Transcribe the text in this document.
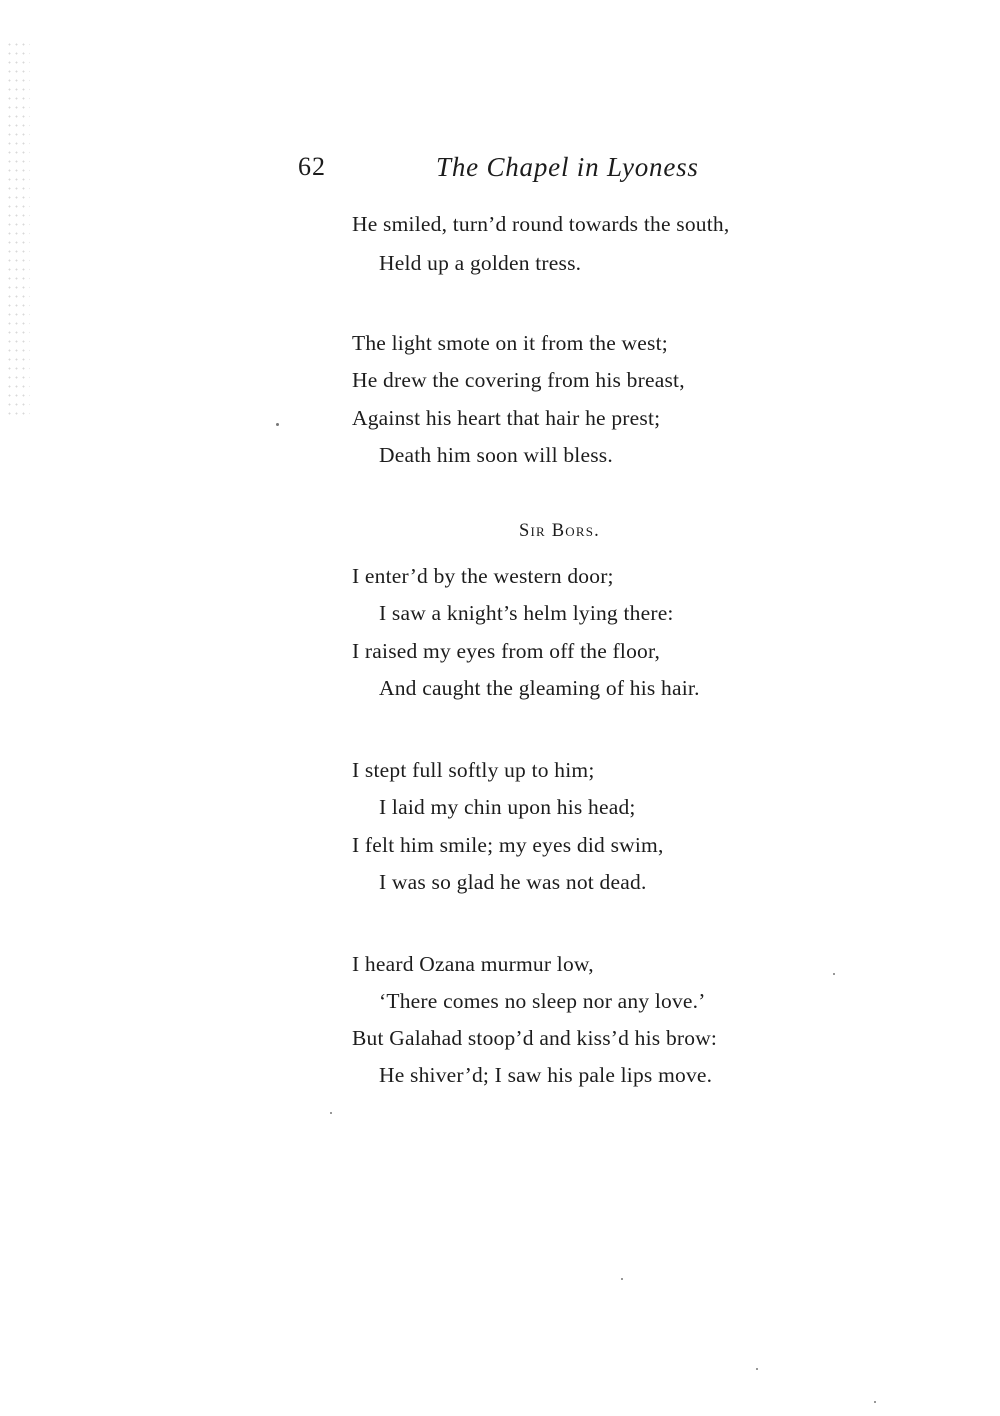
62	The Chapel in Lyoness
He smiled, turn’d round towards the south,
Held up a golden tress.
The light smote on it from the west;
He drew the covering from his breast,
Against his heart that hair he prest;
Death him soon will bless.
Sir Bors.
I enter’d by the western door;
I saw a knight’s helm lying there:
I raised my eyes from off the floor,
And caught the gleaming of his hair.
I stept full softly up to him;
I laid my chin upon his head;
I felt him smile; my eyes did swim,
I was so glad he was not dead.
I heard Ozana murmur low,
‘There comes no sleep nor any love.’
But Galahad stoop’d and kiss’d his brow:
He shiver’d; I saw his pale lips move.
